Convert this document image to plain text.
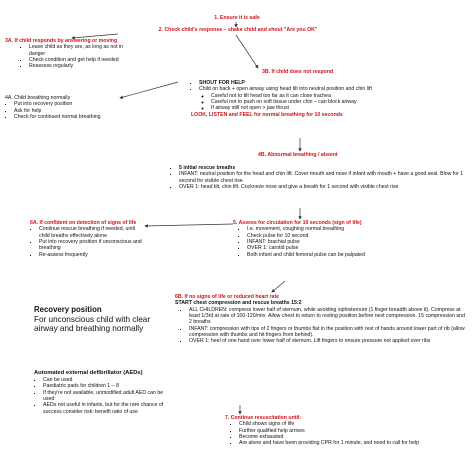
1. Ensure it is safe
2. Check child's response – shake child and shout "Are you OK"
3A. If child responds by answering or moving
▪ Leave child as they are, as long as not in danger
▪ Check condition and get help if needed
▪ Reassess regularly
3B. If child does not respond
▪ SHOUT FOR HELP
▪ Child on back + open airway using head tilt into neutral position and chin lift
◦ Careful not to tilt head too far as it can close trachea
◦ Careful not to push on soft tissue under chin – can block airway
◦ If airway still not open > jaw thrust
LOOK, LISTEN and FEEL for normal breathing for 10 seconds
4A. Child breathing normally
▪ Put into recovery position
▪ Ask for help
▪ Check for continued normal breathing
4B. Abnormal breathing / absent
▪ 5 initial rescue breaths
▪ INFANT: neutral position for the head and chin lift. Cover mouth and nose if infant with mouth + have a good seal. Blow for 1 second for visible chest rise
▪ OVER 1: head tilt, chin lift. Cockneze nose and give a breath for 1 second with visible chest rise
6A. If confident on detection of signs of life
▪ Continue rescue breathing if needed, until child breaths effectively alone
▪ Put into recovery position if unconscious and breathing
▪ Re-assess frequently
5. Assess for circulation for 10 seconds (sign of life)
▪ I.e. movement, coughing normal breathing
▪ Check pulse for 10 second
▪ INFANT: brachial pulse
▪ OVER 1: carotid pulse
▪ Both infant and child femoral pulse can be palpated
Recovery position
For unconscious child with clear airway and breathing normally
Automated external defibrillator (AEDs)
▪ Can be used
▪ Paediatric pads for children 1 – 8
▪ If they're not available, unmodified adult AED can be used
▪ AEDs not useful in infants, but for the rare chance of success consider risk: benefit ratio of use
6B. If no signs of life or reduced heart rate
START chest compression and rescue breaths 15:2
▪ ALL CHILDREN: compress lower half of sternum, while avoiding xiphisternum (1 finger breadth above it). Compress at least 1/3rd at rate of 100-120/min. Allow chest to return to resting position before next compression. 15 compression and 2 breaths
▪ INFANT: compression with tips of 2 fingers or thumbs flat in the position with rest of hands around lower part of rib (allow compression with thumbs and hit fingers from behind).
▪ OVER 1: heel of one hand over lower half of sternum. Lift fingers to ensure pressure not applied over ribs
7. Continue resuscitation until:
▪ Child shows signs of life
▪ Further qualified help arrives
▪ Become exhausted
▪ Are alone and have been providing CPR for 1 minute, and need to call for help
